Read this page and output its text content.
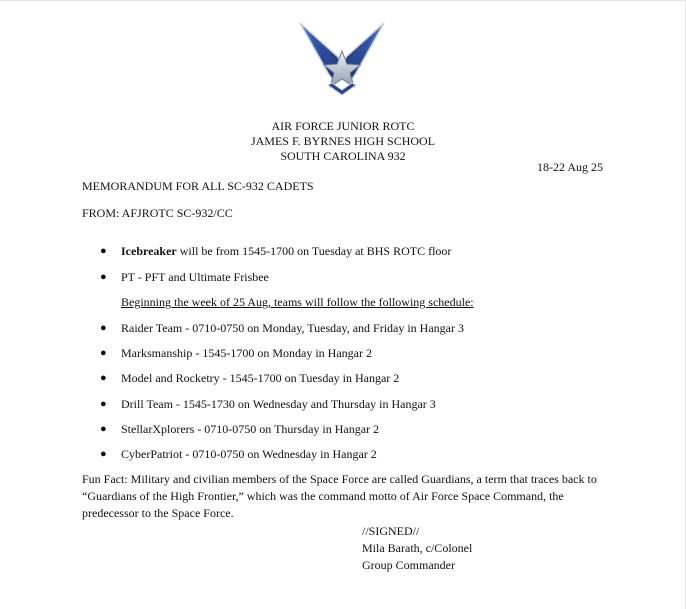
AIR FORCE JUNIOR ROTC
JAMES F. BYRNES HIGH SCHOOL
SOUTH CAROLINA 932
18-22 Aug 25
MEMORANDUM FOR ALL SC-932 CADETS
FROM: AFJROTC SC-932/CC
● Icebreaker will be from 1545-1700 on Tuesday at BHS ROTC floor
● PT - PFT and Ultimate Frisbee
Beginning the week of 25 Aug, teams will follow the following schedule:
● Raider Team - 0710-0750 on Monday, Tuesday, and Friday in Hangar 3
● Marksmanship - 1545-1700 on Monday in Hangar 2
● Model and Rocketry - 1545-1700 on Tuesday in Hangar 2
● Drill Team - 1545-1730 on Wednesday and Thursday in Hangar 3
● StellarXplorers - 0710-0750 on Thursday in Hangar 2
● CyberPatriot - 0710-0750 on Wednesday in Hangar 2
Fun Fact: Military and civilian members of the Space Force are called Guardians, a term that traces back to “Guardians of the High Frontier,” which was the command motto of Air Force Space Command, the predecessor to the Space Force.
//SIGNED//
Mila Barath, c/Colonel
Group Commander
